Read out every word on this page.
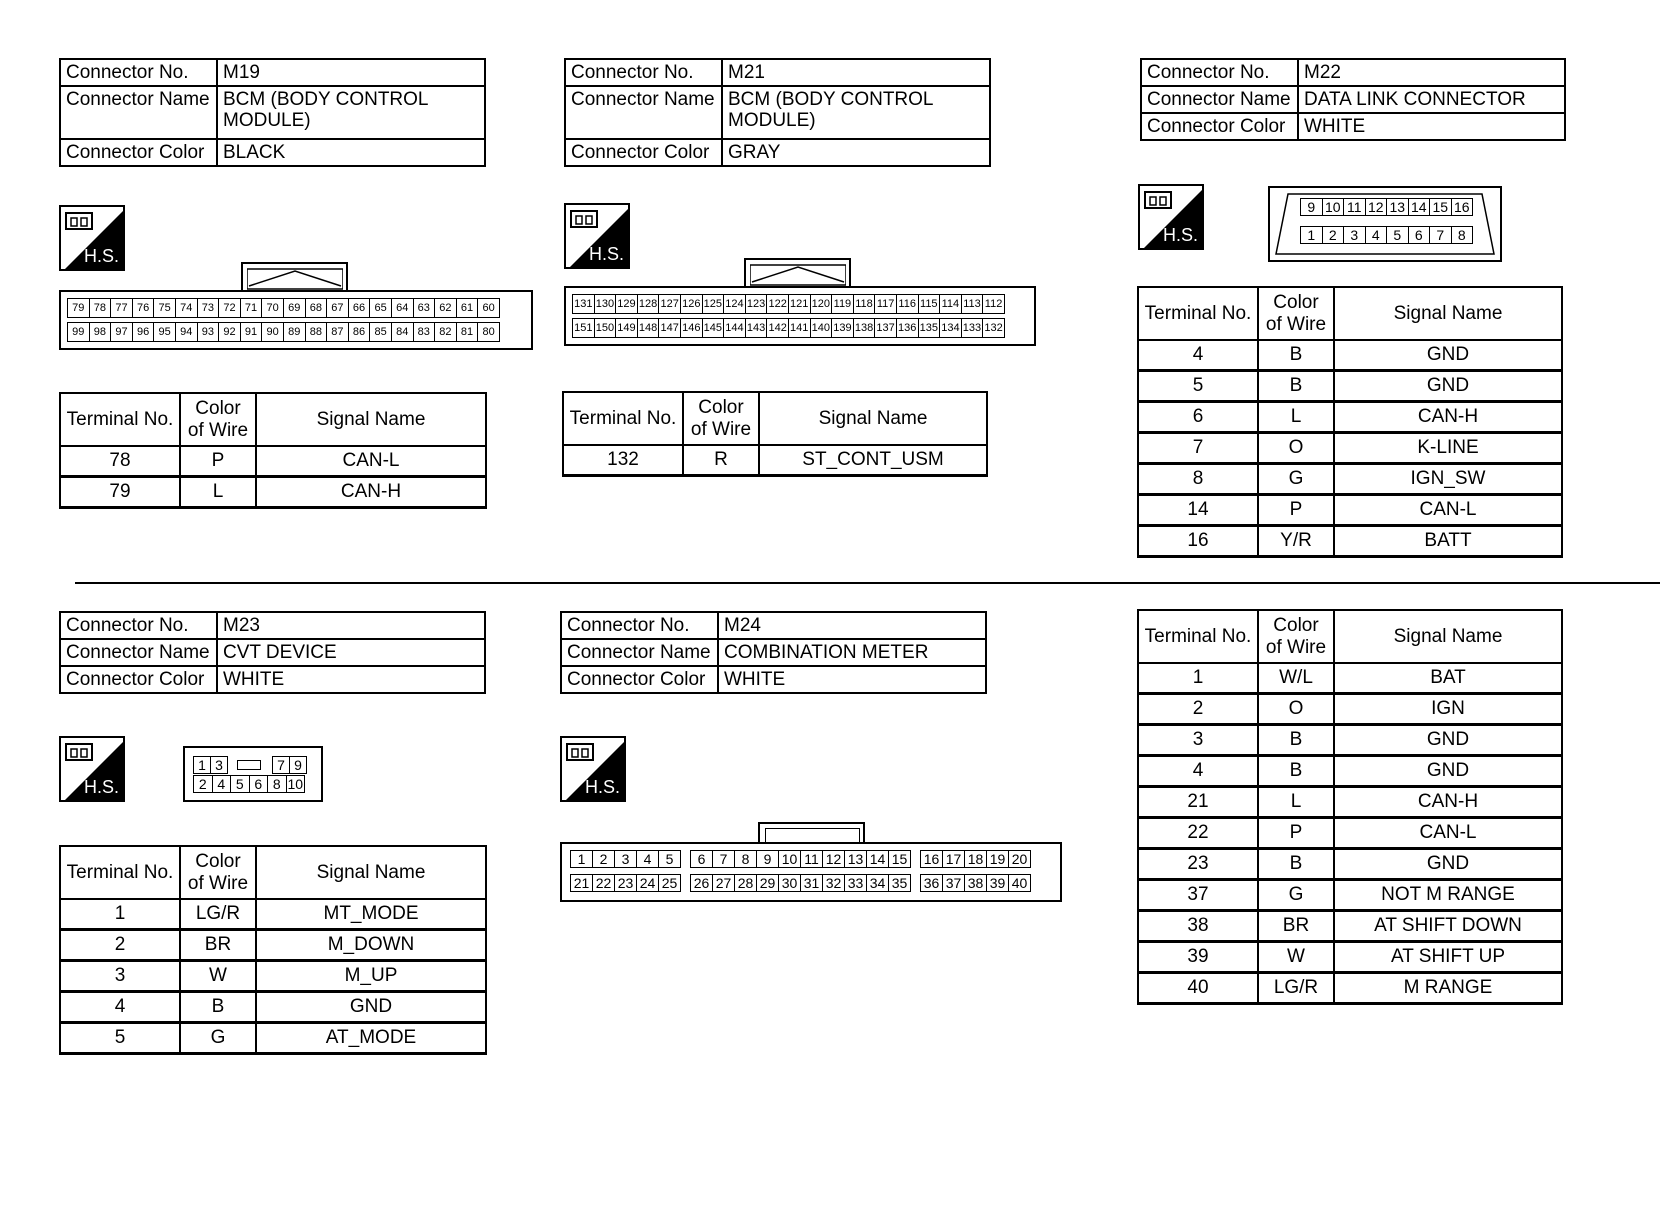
Connector No.	M19
Connector Name	BCM (BODY CONTROL MODULE)
Connector Color	BLACK
H.S.
79 78 77 76 75 74 73 72 71 70 69 68 67 66 65 64 63 62 61 60
99 98 97 96 95 94 93 92 91 90 89 88 87 86 85 84 83 82 81 80
Terminal No.	Color of Wire	Signal Name
78	P	CAN-L
79	L	CAN-H
Connector No.	M21
Connector Name	BCM (BODY CONTROL MODULE)
Connector Color	GRAY
H.S.
131 130 129 128 127 126 125 124 123 122 121 120 119 118 117 116 115 114 113 112
151 150 149 148 147 146 145 144 143 142 141 140 139 138 137 136 135 134 133 132
Terminal No.	Color of Wire	Signal Name
132	R	ST_CONT_USM
Connector No.	M22
Connector Name	DATA LINK CONNECTOR
Connector Color	WHITE
H.S.
9 10 11 12 13 14 15 16
1 2 3 4 5 6 7 8
Terminal No.	Color of Wire	Signal Name
4	B	GND
5	B	GND
6	L	CAN-H
7	O	K-LINE
8	G	IGN_SW
14	P	CAN-L
16	Y/R	BATT
Connector No.	M23
Connector Name	CVT DEVICE
Connector Color	WHITE
H.S.
1 3	7 9
2 4 5 6 8 10
Terminal No.	Color of Wire	Signal Name
1	LG/R	MT_MODE
2	BR	M_DOWN
3	W	M_UP
4	B	GND
5	G	AT_MODE
Connector No.	M24
Connector Name	COMBINATION METER
Connector Color	WHITE
H.S.
1	2	3	4	5	6	7	8	9 10 11 12 13 14 15 16 17 18 19 20
21 22 23 24 25 26 27 28 29 30 31 32 33 34 35 36 37 38 39 40
Terminal No.	Color of Wire	Signal Name
1	W/L	BAT
2	O	IGN
3	B	GND
4	B	GND
21	L	CAN-H
22	P	CAN-L
23	B	GND
37	G	NOT M RANGE
38	BR	AT SHIFT DOWN
39	W	AT SHIFT UP
40	LG/R	M RANGE
